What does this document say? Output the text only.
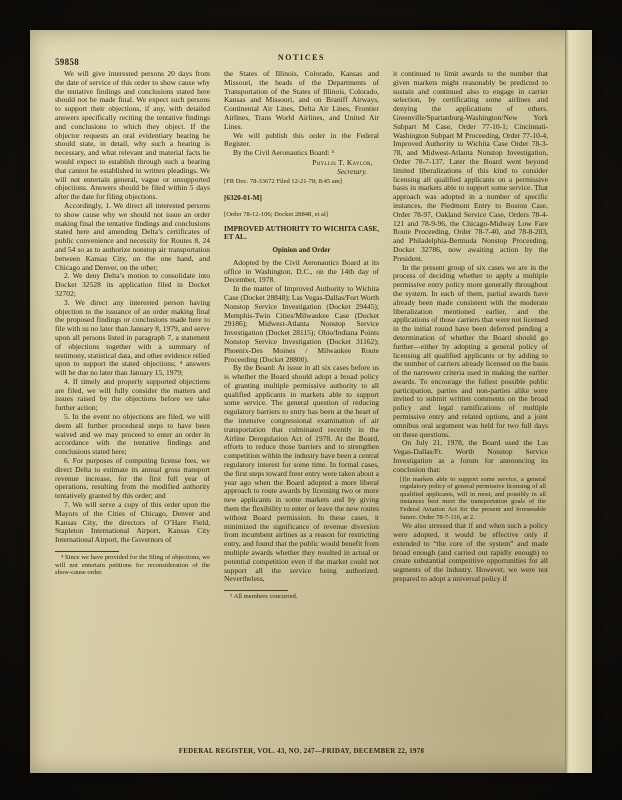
59858	NOTICES

We will give interested persons 20 days from the date of service of this order to show cause why the tentative findings and conclusions stated here should not be made final. We expect such persons to support their objections, if any, with detailed answers specifically reciting the tentative findings and conclusions to which they object. If the objector requests an oral evidentiary hearing he should state, in detail, why such a hearing is necessary, and what relevant and material facts he would expect to establish through such a hearing that cannot be established in written pleadings. We will not entertain general, vague or unsupported objections. Answers should be filed within 5 days after the date for filing objections.

Accordingly, 1. We direct all interested persons to show cause why we should not issue an order making final the tentative findings and conclusions stated here and amending Delta’s certificates of public convenience and necessity for Routes 8, 24 and 54 so as to authorize nonstop air transportation between Kansas City, on the one hand, and Chicago and Denver, on the other;

2. We deny Delta’s motion to consolidate into Docket 32528 its application filed in Docket 32702;

3. We direct any interested person having objection to the issuance of an order making final the proposed findings or conclusions made here to file with us no later than January 8, 1979, and serve upon all persons listed in paragraph 7, a statement of objections together with a summary of testimony, statistical data, and other evidence relied upon to support the stated objections; ⁴ answers will be due no later than January 15, 1979;

4. If timely and properly supported objections are filed, we will fully consider the matters and issues raised by the objections before we take further action;

5. In the event no objections are filed, we will deem all further procedural steps to have been waived and we may proceed to enter an order in accordance with the tentative findings and conclusions stated here;

6. For purposes of computing license fees, we direct Delta to estimate its annual gross transport revenue increase, for the first full year of operations, resulting from the modified authority tentatively granted by this order; and

7. We will serve a copy of this order upon the Mayors of the Cities of Chicago, Denver and Kansas City, the directors of O’Hare Field, Stapleton International Airport, Kansas City International Airport, the Governors of

⁴ Since we have provided for the filing of objections, we will not entertain petitions for reconsideration of the show-cause order.

the States of Illinois, Colorado, Kansas and Missouri, the heads of the Departments of Transportation of the States of Illinois, Colorado, Kansas and Missouri, and on Braniff Airways, Continental Air Lines, Delta Air Lines, Frontier Airlines, Trans World Airlines, and United Air Lines.

We will publish this order in the Federal Register.

By the Civil Aeronautics Board: ⁵

Phyllis T. Kaylor,
Secretary.

[FR Doc. 78-33672 Filed 12-21-78; 8:45 am]

[6320-01-M]
[Order 78-12-106; Docket 28848, et al]
IMPROVED AUTHORITY TO WICHITA CASE, ET AL.
Opinion and Order

Adopted by the Civil Aeronautics Board at its office in Washington, D.C., on the 14th day of December, 1978.

In the matter of Improved Authority to Wichita Case (Docket 28848); Las Vegas-Dallas/Fort Worth Nonstop Service Investigation (Docket 29445); Memphis-Twin Cities/Milwaukee Case (Docket 29186); Midwest-Atlanta Nonstop Service Investigation (Docket 28115); Ohio/Indiana Points Nonstop Service Investigation (Docket 31162); Phoenix-Des Moines / Milwaukee Route Proceeding (Docket 28800).

By the Board: At issue in all six cases before us is whether the Board should adopt a broad policy of granting multiple permissive authority to all qualified applicants in markets able to support some service. The general question of reducing regulatory barriers to entry has been at the heart of the intensive congressional examination of air transportation that culminated recently in the Airline Deregulation Act of 1978. At the Board, efforts to reduce those barriers and to strengthen competition within the industry have been a central regulatory interest for some time. In formal cases, the first steps toward freer entry were taken about a year ago when the Board adopted a more liberal approach to route awards by licensing two or more new applicants in some markets and by giving them the flexibility to enter or leave the new routes without Board permission. In these cases, it minimized the significance of revenue diversion from incumbent airlines as a reason for restricting entry, and found that the public would benefit from multiple awards whether they resulted in actual or potential competition even if the market could not support all the service being authorized. Nevertheless,

⁵ All members concurred.

it continued to limit awards to the number that given markets might reasonably be predicted to sustain and continued also to engage in carrier selection, by certificating some airlines and denying the applications of others. Greenville/Spartanburg-Washington/New York Subpart M Case, Order 77-10-1; Cincinnati-Washington Subpart M Proceeding, Order 77-10-4, Improved Authority to Wichita Case Order 78-3-78, and Midwest-Atlanta Nonstop Investigation, Order 78-7-137. Later the Board went beyond limited liberalizations of this kind to consider licensing all qualified applicants on a permissive basis in markets able to support some service. That approach was adopted in a number of specific instances, the Piedmont Entry to Boston Case, Order 78-97, Oakland Service Case, Orders 78-4-121 and 78-9-96, the Chicago-Midway Low Fare Route Proceeding, Order 78-7-40, and 78-8-203, and Philadelphia-Bermuda Nonstop Proceeding, Docket 32786, now awaiting action by the President.

In the present group of six cases we are in the process of deciding whether to apply a multiple permissive entry policy more generally throughout the system. In each of them, partial awards have already been made consistent with the moderate liberalization mentioned earlier, and the applications of those carriers that were not licensed in the initial round have been deferred pending a determination of whether the Board should go further—either by adopting a general policy of licensing all qualified applicants or by adding to the number of carriers already licensed on the basis of the narrower criteria used in making the earlier awards. To encourage the fullest possible public participation, parties and non-parties alike were invited to submit written comments on the broad policy and legal ramifications of multiple permissive entry and related options, and a joint omnibus oral argument was held for two full days on these questions.

On July 21, 1978, the Board used the Las Vegas-Dallas/Ft. Worth Nonstop Service Investigation as a forum for announcing its conclusion that:

[I]n markets able to support some service, a general regulatory policy of general permissive licensing of all qualified applicants, will in most, and possibly in all instances best meet the transportation goals of the Federal Aviation Act for the present and foreseeable future. Order 78-7-116, at 2.

We also stressed that if and when such a policy were adopted, it would be effective only if extended to “the core of the system” and made broad enough (and carried out rapidly enough) to create substantial competitive opportunities for all segments of the industry. However, we were not prepared to adopt a universal policy if

FEDERAL REGISTER, VOL. 43, NO. 247—FRIDAY, DECEMBER 22, 1978
